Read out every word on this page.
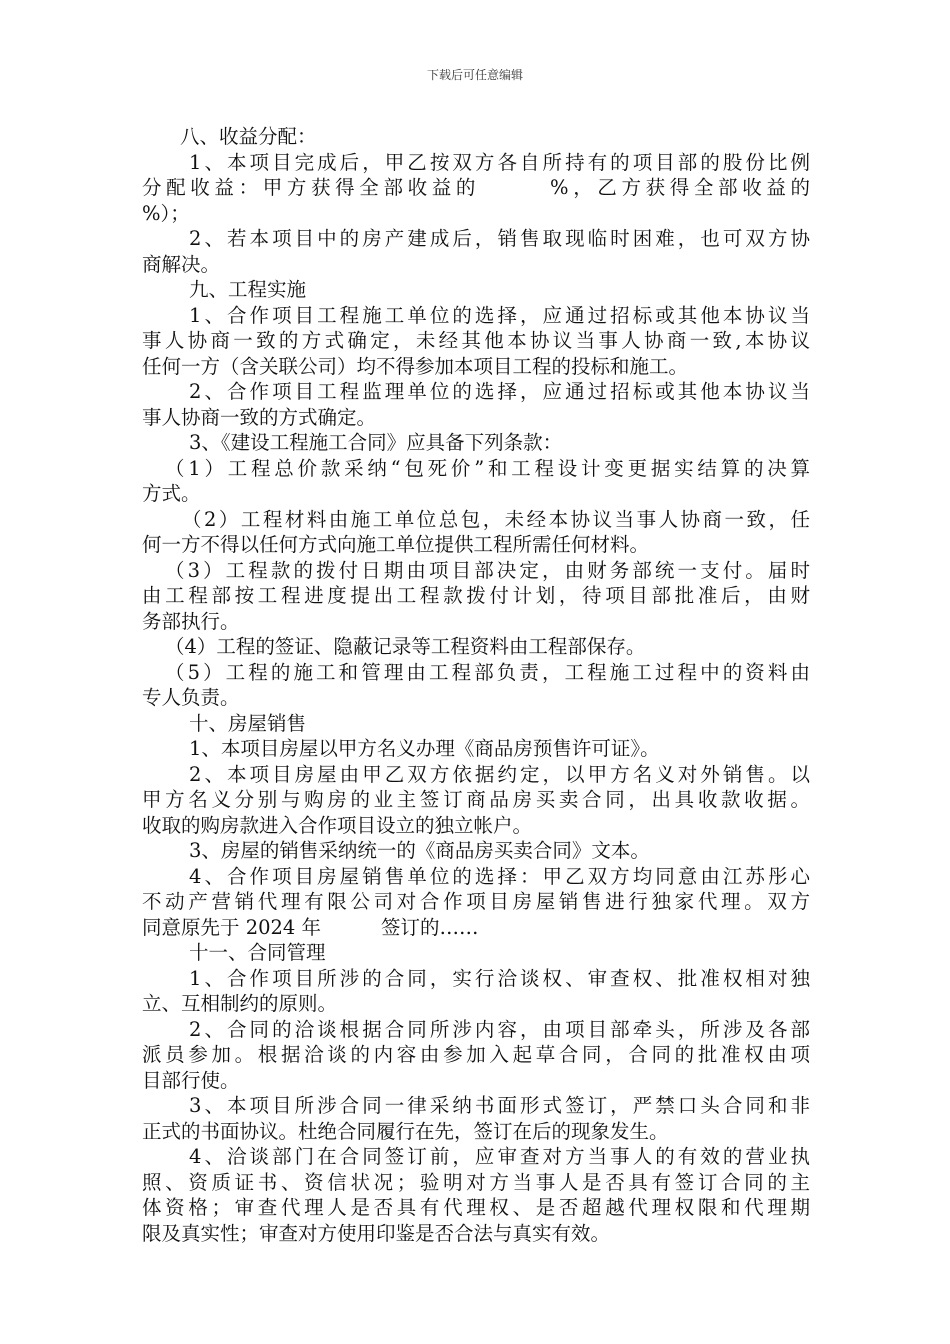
下载后可任意编辑
八、收益分配：
1、本项目完成后，甲乙按双方各自所持有的项目部的股份比例
分配收益：甲方获得全部收益的	%，乙方获得全部收益的
%）；
2、若本项目中的房产建成后，销售取现临时困难，也可双方协
商解决。
九、工程实施
1、合作项目工程施工单位的选择，应通过招标或其他本协议当
事人协商一致的方式确定，未经其他本协议当事人协商一致,本协议
任何一方（含关联公司）均不得参加本项目工程的投标和施工。
2、合作项目工程监理单位的选择，应通过招标或其他本协议当
事人协商一致的方式确定。
3、《建设工程施工合同》应具备下列条款：
（1）工程总价款采纳“包死价”和工程设计变更据实结算的决算
方式。
（2）工程材料由施工单位总包，未经本协议当事人协商一致，任
何一方不得以任何方式向施工单位提供工程所需任何材料。
（3）工程款的拨付日期由项目部决定，由财务部统一支付。届时
由工程部按工程进度提出工程款拨付计划，待项目部批准后，由财
务部执行。
（4）工程的签证、隐蔽记录等工程资料由工程部保存。
（5）工程的施工和管理由工程部负责，工程施工过程中的资料由
专人负责。
十、房屋销售
1、本项目房屋以甲方名义办理《商品房预售许可证》。
2、本项目房屋由甲乙双方依据约定，以甲方名义对外销售。以
甲方名义分别与购房的业主签订商品房买卖合同，出具收款收据。
收取的购房款进入合作项目设立的独立帐户。
3、房屋的销售采纳统一的《商品房买卖合同》文本。
4、合作项目房屋销售单位的选择：甲乙双方均同意由江苏彤心
不动产营销代理有限公司对合作项目房屋销售进行独家代理。双方
同意原先于 2024 年	签订的……
十一、合同管理
1、合作项目所涉的合同，实行洽谈权、审查权、批准权相对独
立、互相制约的原则。
2、合同的洽谈根据合同所涉内容，由项目部牵头，所涉及各部
派员参加。根据洽谈的内容由参加入起草合同，合同的批准权由项
目部行使。
3、本项目所涉合同一律采纳书面形式签订，严禁口头合同和非
正式的书面协议。杜绝合同履行在先，签订在后的现象发生。
4、洽谈部门在合同签订前，应审查对方当事人的有效的营业执
照、资质证书、资信状况；验明对方当事人是否具有签订合同的主
体资格；审查代理人是否具有代理权、是否超越代理权限和代理期
限及真实性；审查对方使用印鉴是否合法与真实有效。
